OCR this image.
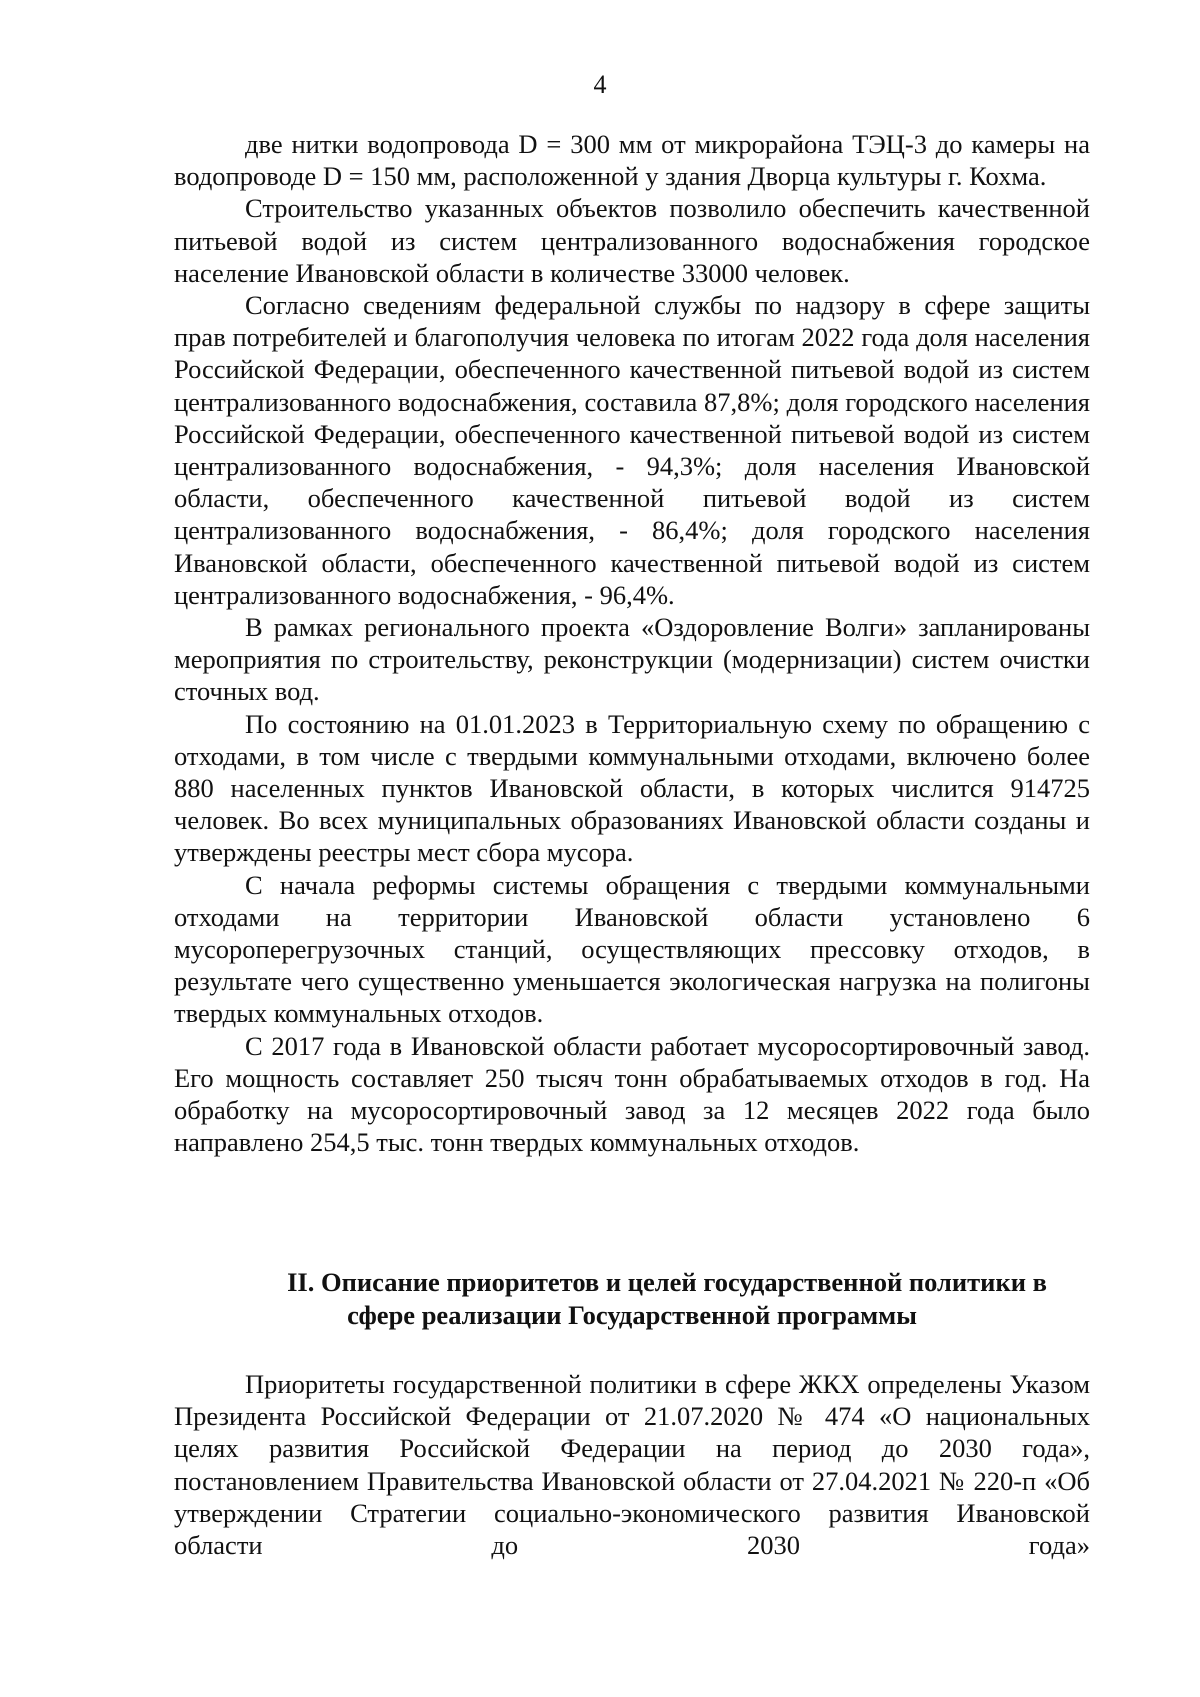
4

две нитки водопровода D = 300 мм от микрорайона ТЭЦ-3 до камеры на водопроводе D = 150 мм, расположенной у здания Дворца культуры г. Кохма.

Строительство указанных объектов позволило обеспечить качественной питьевой водой из систем централизованного водоснабжения городское население Ивановской области в количестве 33000 человек.

Согласно сведениям федеральной службы по надзору в сфере защиты прав потребителей и благополучия человека по итогам 2022 года доля населения Российской Федерации, обеспеченного качественной питьевой водой из систем централизованного водоснабжения, составила 87,8%; доля городского населения Российской Федерации, обеспеченного качественной питьевой водой из систем централизованного водоснабжения, - 94,3%; доля населения Ивановской области, обеспеченного качественной питьевой водой из систем централизованного водоснабжения, - 86,4%; доля городского населения Ивановской области, обеспеченного качественной питьевой водой из систем централизованного водоснабжения, - 96,4%.

В рамках регионального проекта «Оздоровление Волги» запланированы мероприятия по строительству, реконструкции (модернизации) систем очистки сточных вод.

По состоянию на 01.01.2023 в Территориальную схему по обращению с отходами, в том числе с твердыми коммунальными отходами, включено более 880 населенных пунктов Ивановской области, в которых числится 914725 человек. Во всех муниципальных образованиях Ивановской области созданы и утверждены реестры мест сбора мусора.

С начала реформы системы обращения с твердыми коммунальными отходами на территории Ивановской области установлено 6 мусороперегрузочных станций, осуществляющих прессовку отходов, в результате чего существенно уменьшается экологическая нагрузка на полигоны твердых коммунальных отходов.

С 2017 года в Ивановской области работает мусоросортировочный завод. Его мощность составляет 250 тысяч тонн обрабатываемых отходов в год. На обработку на мусоросортировочный завод за 12 месяцев 2022 года было направлено 254,5 тыс. тонн твердых коммунальных отходов.

II. Описание приоритетов и целей государственной политики в
сфере реализации Государственной программы

Приоритеты государственной политики в сфере ЖКХ определены Указом Президента Российской Федерации от 21.07.2020 № 474 «О национальных целях развития Российской Федерации на период до 2030 года», постановлением Правительства Ивановской области от 27.04.2021 № 220-п «Об утверждении Стратегии социально-экономического развития Ивановской области до 2030 года»
